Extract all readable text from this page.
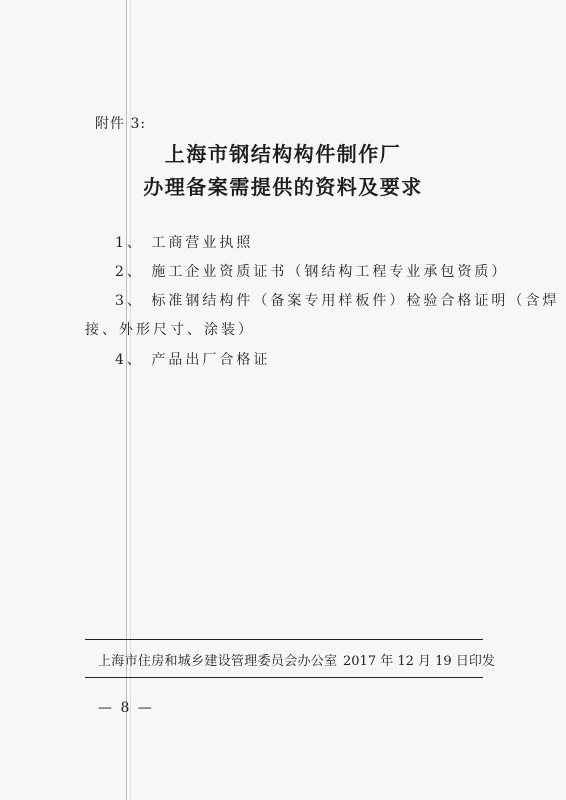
附件 3:
上海市钢结构构件制作厂
办理备案需提供的资料及要求
1、 工商营业执照
2、 施工企业资质证书（钢结构工程专业承包资质）
3、 标准钢结构件（备案专用样板件）检验合格证明（含焊
接、外形尺寸、涂装）
4、 产品出厂合格证
上海市住房和城乡建设管理委员会办公室 2017 年 12 月 19 日印发
— 8 —
